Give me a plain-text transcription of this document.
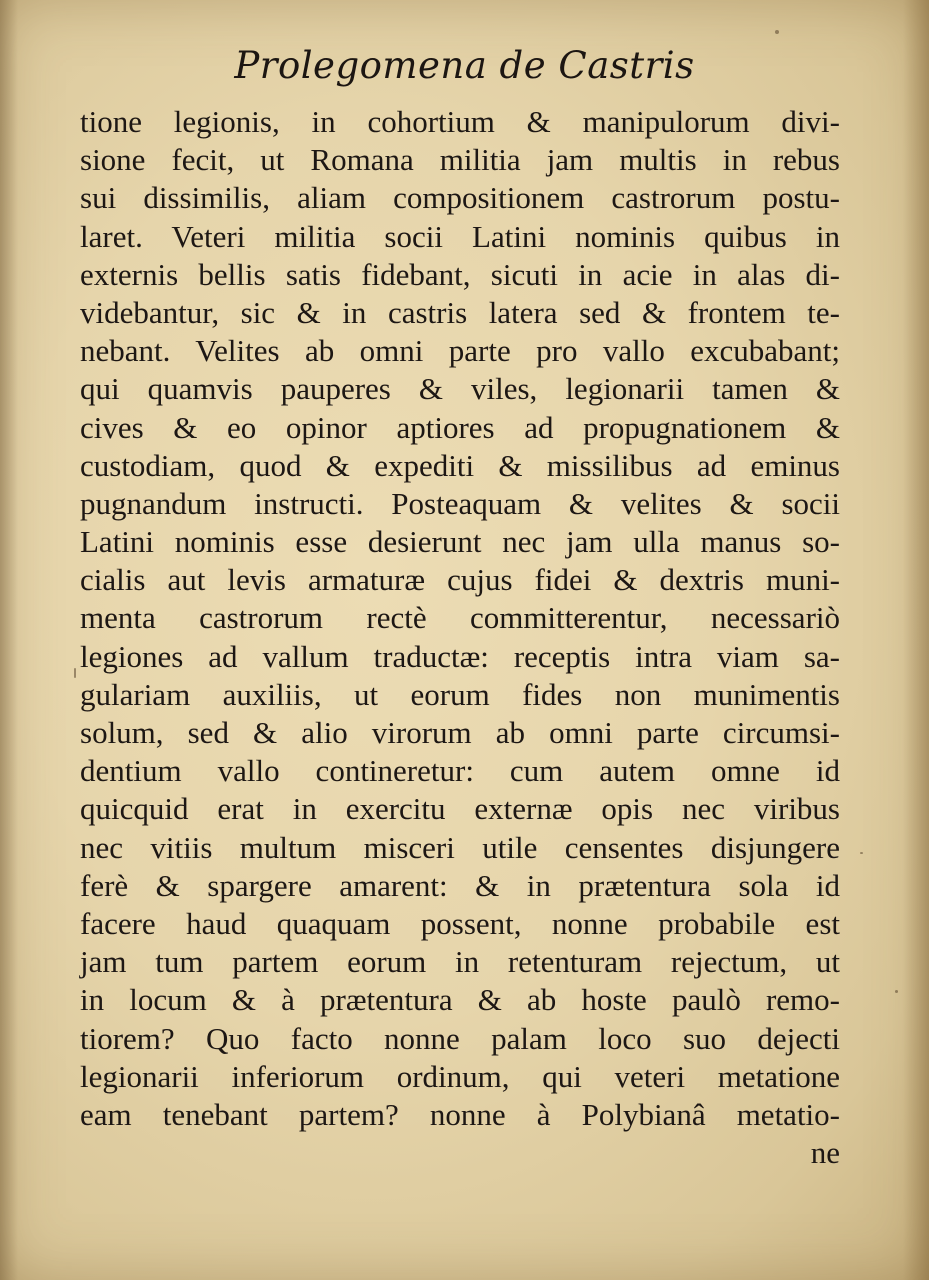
Prolegomena de Castris
tione legionis, in cohortium & manipulorum divi-
sione fecit, ut Romana militia jam multis in rebus
sui dissimilis, aliam compositionem castrorum postu-
laret. Veteri militia socii Latini nominis quibus in
externis bellis satis fidebant, sicuti in acie in alas di-
videbantur, sic & in castris latera sed & frontem te-
nebant. Velites ab omni parte pro vallo excubabant;
qui quamvis pauperes & viles, legionarii tamen &
cives & eo opinor aptiores ad propugnationem &
custodiam, quod & expediti & missilibus ad eminus
pugnandum instructi. Posteaquam & velites & socii
Latini nominis esse desierunt nec jam ulla manus so-
cialis aut levis armaturæ cujus fidei & dextris muni-
menta castrorum rectè committerentur, necessariò
legiones ad vallum traductæ: receptis intra viam sa-
gulariam auxiliis, ut eorum fides non munimentis
solum, sed & alio virorum ab omni parte circumsi-
dentium vallo contineretur: cum autem omne id
quicquid erat in exercitu externæ opis nec viribus
nec vitiis multum misceri utile censentes disjungere
ferè & spargere amarent: & in prætentura sola id
facere haud quaquam possent, nonne probabile est
jam tum partem eorum in retenturam rejectum, ut
in locum & à prætentura & ab hoste paulò remo-
tiorem? Quo facto nonne palam loco suo dejecti
legionarii inferiorum ordinum, qui veteri metatione
eam tenebant partem? nonne à Polybianâ metatio-
ne
